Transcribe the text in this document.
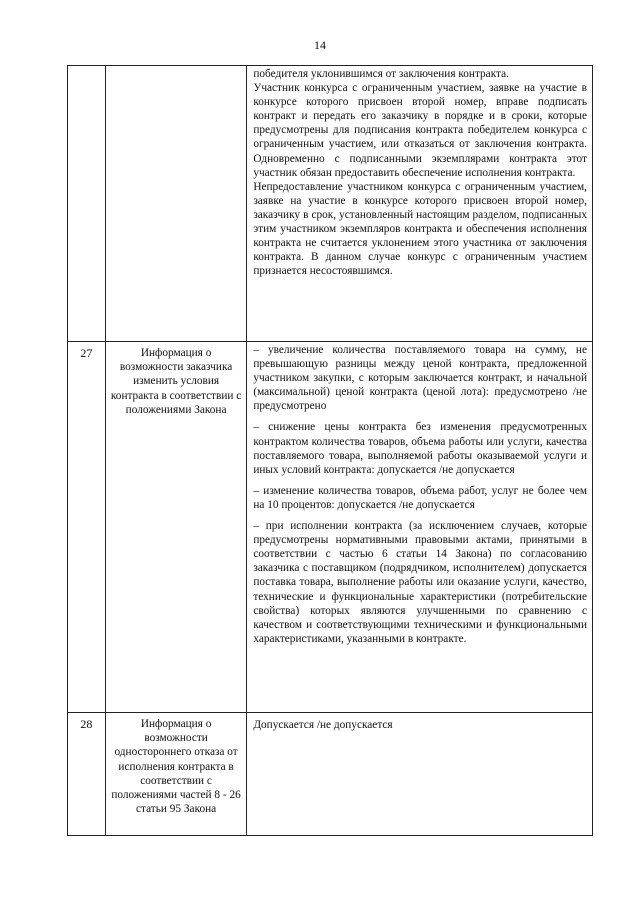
14

победителя уклонившимся от заключения контракта.

Участник конкурса с ограниченным участием, заявке на участие в конкурсе которого присвоен второй номер, вправе подписать контракт и передать его заказчику в порядке и в сроки, которые предусмотрены для подписания контракта победителем конкурса с ограниченным участием, или отказаться от заключения контракта. Одновременно с подписанными экземплярами контракта этот участник обязан предоставить обеспечение исполнения контракта.

Непредоставление участником конкурса с ограниченным участием, заявке на участие в конкурсе которого присвоен второй номер, заказчику в срок, установленный настоящим разделом, подписанных этим участником экземпляров контракта и обеспечения исполнения контракта не считается уклонением этого участника от заключения контракта. В данном случае конкурс с ограниченным участием признается несостоявшимся.

27	Информация о возможности заказчика изменить условия контракта в соответствии с положениями Закона

– увеличение количества поставляемого товара на сумму, не превышающую разницы между ценой контракта, предложенной участником закупки, с которым заключается контракт, и начальной (максимальной) ценой контракта (ценой лота): предусмотрено /не предусмотрено

– снижение цены контракта без изменения предусмотренных контрактом количества товаров, объема работы или услуги, качества поставляемого товара, выполняемой работы оказываемой услуги и иных условий контракта: допускается /не допускается

– изменение количества товаров, объема работ, услуг не более чем на 10 процентов: допускается /не допускается

– при исполнении контракта (за исключением случаев, которые предусмотрены нормативными правовыми актами, принятыми в соответствии с частью 6 статьи 14 Закона) по согласованию заказчика с поставщиком (подрядчиком, исполнителем) допускается поставка товара, выполнение работы или оказание услуги, качество, технические и функциональные характеристики (потребительские свойства) которых являются улучшенными по сравнению с качеством и соответствующими техническими и функциональными характеристиками, указанными в контракте.

28	Информация о возможности одностороннего отказа от исполнения контракта в соответствии с положениями частей 8 - 26 статьи 95 Закона

Допускается /не допускается
